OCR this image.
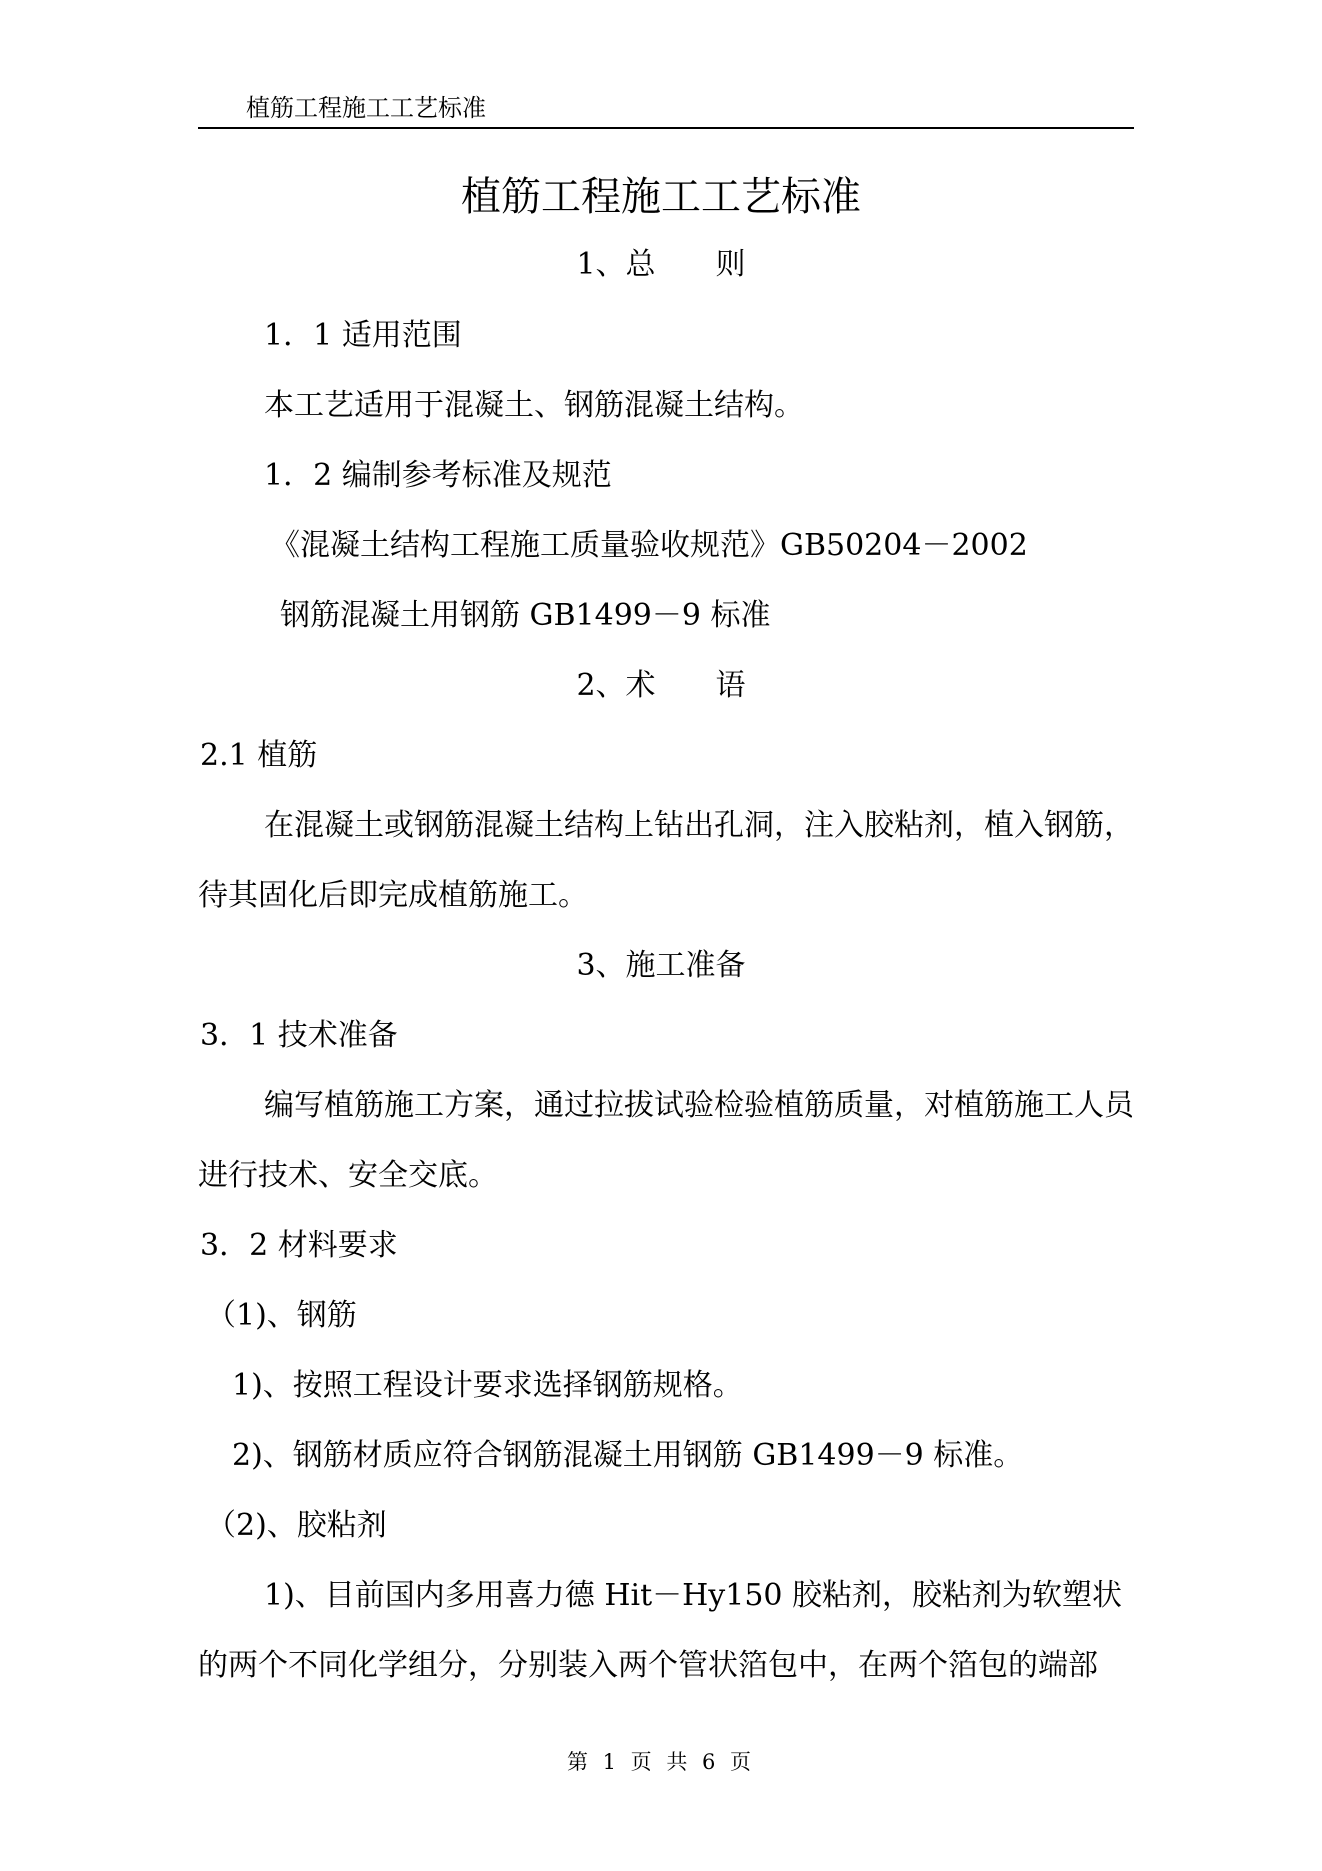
植筋工程施工工艺标准
植筋工程施工工艺标准
1、总　　则
1．1 适用范围
本工艺适用于混凝土、钢筋混凝土结构。
1．2 编制参考标准及规范
《混凝土结构工程施工质量验收规范》GB50204－2002
钢筋混凝土用钢筋 GB1499－9 标准
2、术　　语
2.1 植筋
在混凝土或钢筋混凝土结构上钻出孔洞，注入胶粘剂，植入钢筋，待其固化后即完成植筋施工。
3、施工准备
3．1 技术准备
编写植筋施工方案，通过拉拔试验检验植筋质量，对植筋施工人员进行技术、安全交底。
3．2 材料要求
（1)、钢筋
1)、按照工程设计要求选择钢筋规格。
2)、钢筋材质应符合钢筋混凝土用钢筋 GB1499－9 标准。
（2)、胶粘剂
1)、目前国内多用喜力德 Hit－Hy150 胶粘剂，胶粘剂为软塑状的两个不同化学组分，分别装入两个管状箔包中，在两个箔包的端部
第 1 页 共 6 页
